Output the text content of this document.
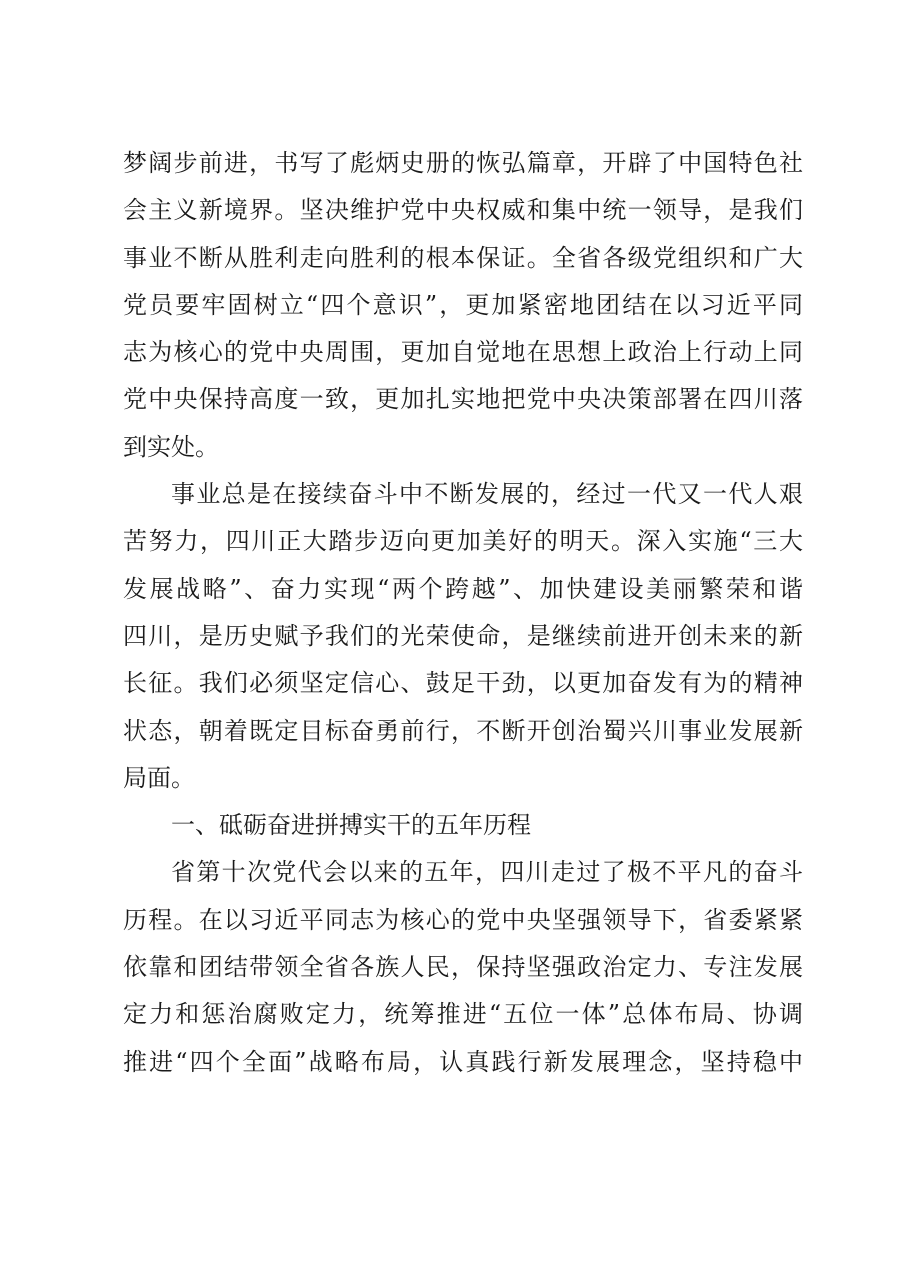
梦阔步前进，书写了彪炳史册的恢弘篇章，开辟了中国特色社
会主义新境界。坚决维护党中央权威和集中统一领导，是我们
事业不断从胜利走向胜利的根本保证。全省各级党组织和广大
党员要牢固树立“四个意识”，更加紧密地团结在以习近平同
志为核心的党中央周围，更加自觉地在思想上政治上行动上同
党中央保持高度一致，更加扎实地把党中央决策部署在四川落
到实处。
事业总是在接续奋斗中不断发展的，经过一代又一代人艰
苦努力，四川正大踏步迈向更加美好的明天。深入实施“三大
发展战略”、奋力实现“两个跨越”、加快建设美丽繁荣和谐
四川，是历史赋予我们的光荣使命，是继续前进开创未来的新
长征。我们必须坚定信心、鼓足干劲，以更加奋发有为的精神
状态，朝着既定目标奋勇前行，不断开创治蜀兴川事业发展新
局面。
一、砥砺奋进拼搏实干的五年历程
省第十次党代会以来的五年，四川走过了极不平凡的奋斗
历程。在以习近平同志为核心的党中央坚强领导下，省委紧紧
依靠和团结带领全省各族人民，保持坚强政治定力、专注发展
定力和惩治腐败定力，统筹推进“五位一体”总体布局、协调
推进“四个全面”战略布局，认真践行新发展理念，坚持稳中
